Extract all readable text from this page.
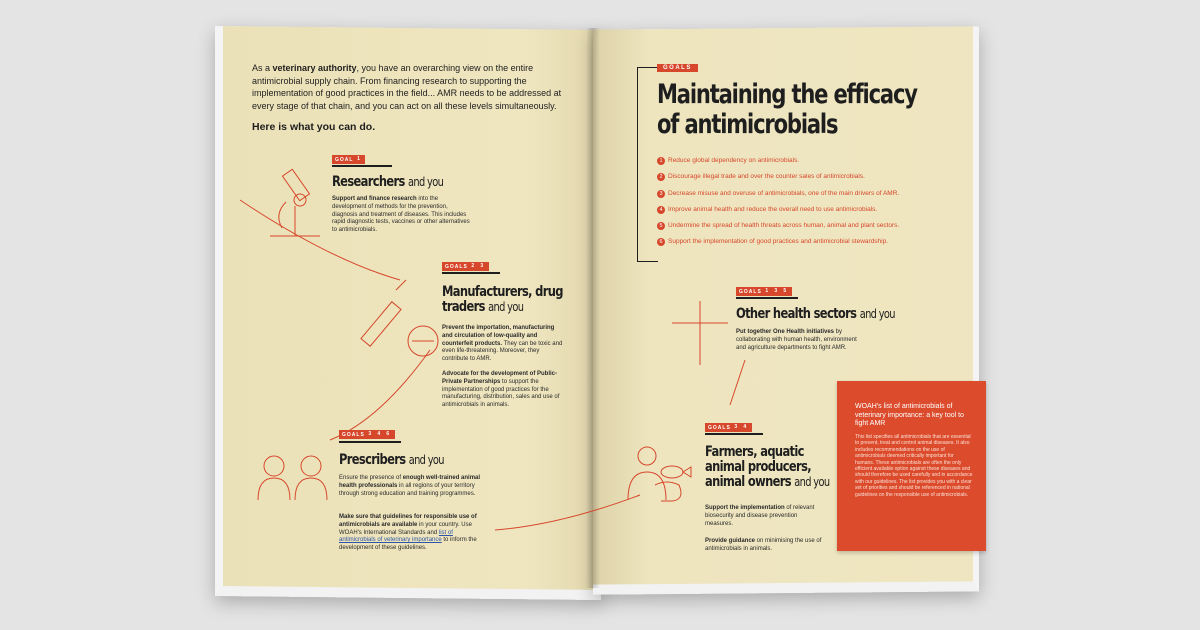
As a veterinary authority, you have an overarching view on the entire antimicrobial supply chain. From financing research to supporting the implementation of good practices in the field... AMR needs to be addressed at every stage of that chain, and you can act on all these levels simultaneously.
Here is what you can do.
GOAL 1
Researchers and you
Support and finance research into the development of methods for the prevention, diagnosis and treatment of diseases. This includes rapid diagnostic tests, vaccines or other alternatives to antimicrobials.
GOALS 2 3
Manufacturers, drug
traders and you
Prevent the importation, manufacturing and circulation of low-quality and counterfeit products. They can be toxic and even life-threatening. Moreover, they contribute to AMR.
Advocate for the development of Public-Private Partnerships to support the implementation of good practices for the manufacturing, distribution, sales and use of antimicrobials in animals.
GOALS 3 4 6
Prescribers and you
Ensure the presence of enough well-trained animal health professionals in all regions of your territory through strong education and training programmes.
Make sure that guidelines for responsible use of antimicrobials are available in your country. Use WOAH's International Standards and list of antimicrobials of veterinary importance to inform the development of these guidelines.
GOALS
Maintaining the efficacy
of antimicrobials
1 Reduce global dependency on antimicrobials.
2 Discourage illegal trade and over the counter sales of antimicrobials.
3 Decrease misuse and overuse of antimicrobials, one of the main drivers of AMR.
4 Improve animal health and reduce the overall need to use antimicrobials.
5 Undermine the spread of health threats across human, animal and plant sectors.
6 Support the implementation of good practices and antimicrobial stewardship.
GOALS 1 3 5
Other health sectors and you
Put together One Health initiatives by collaborating with human health, environment and agriculture departments to fight AMR.
GOALS 3 4
Farmers, aquatic
animal producers,
animal owners and you
Support the implementation of relevant biosecurity and disease prevention measures.
Provide guidance on minimising the use of antimicrobials in animals.
WOAH's list of antimicrobials of veterinary importance: a key tool to fight AMR
This list specifies all antimicrobials that are essential to prevent, treat and control animal diseases. It also includes recommendations on the use of antimicrobials deemed critically important for humans. These antimicrobials are often the only efficient available option against these diseases and should therefore be used carefully and in accordance with our guidelines. The list provides you with a clear set of priorities and should be referenced in national guidelines on the responsible use of antimicrobials.
